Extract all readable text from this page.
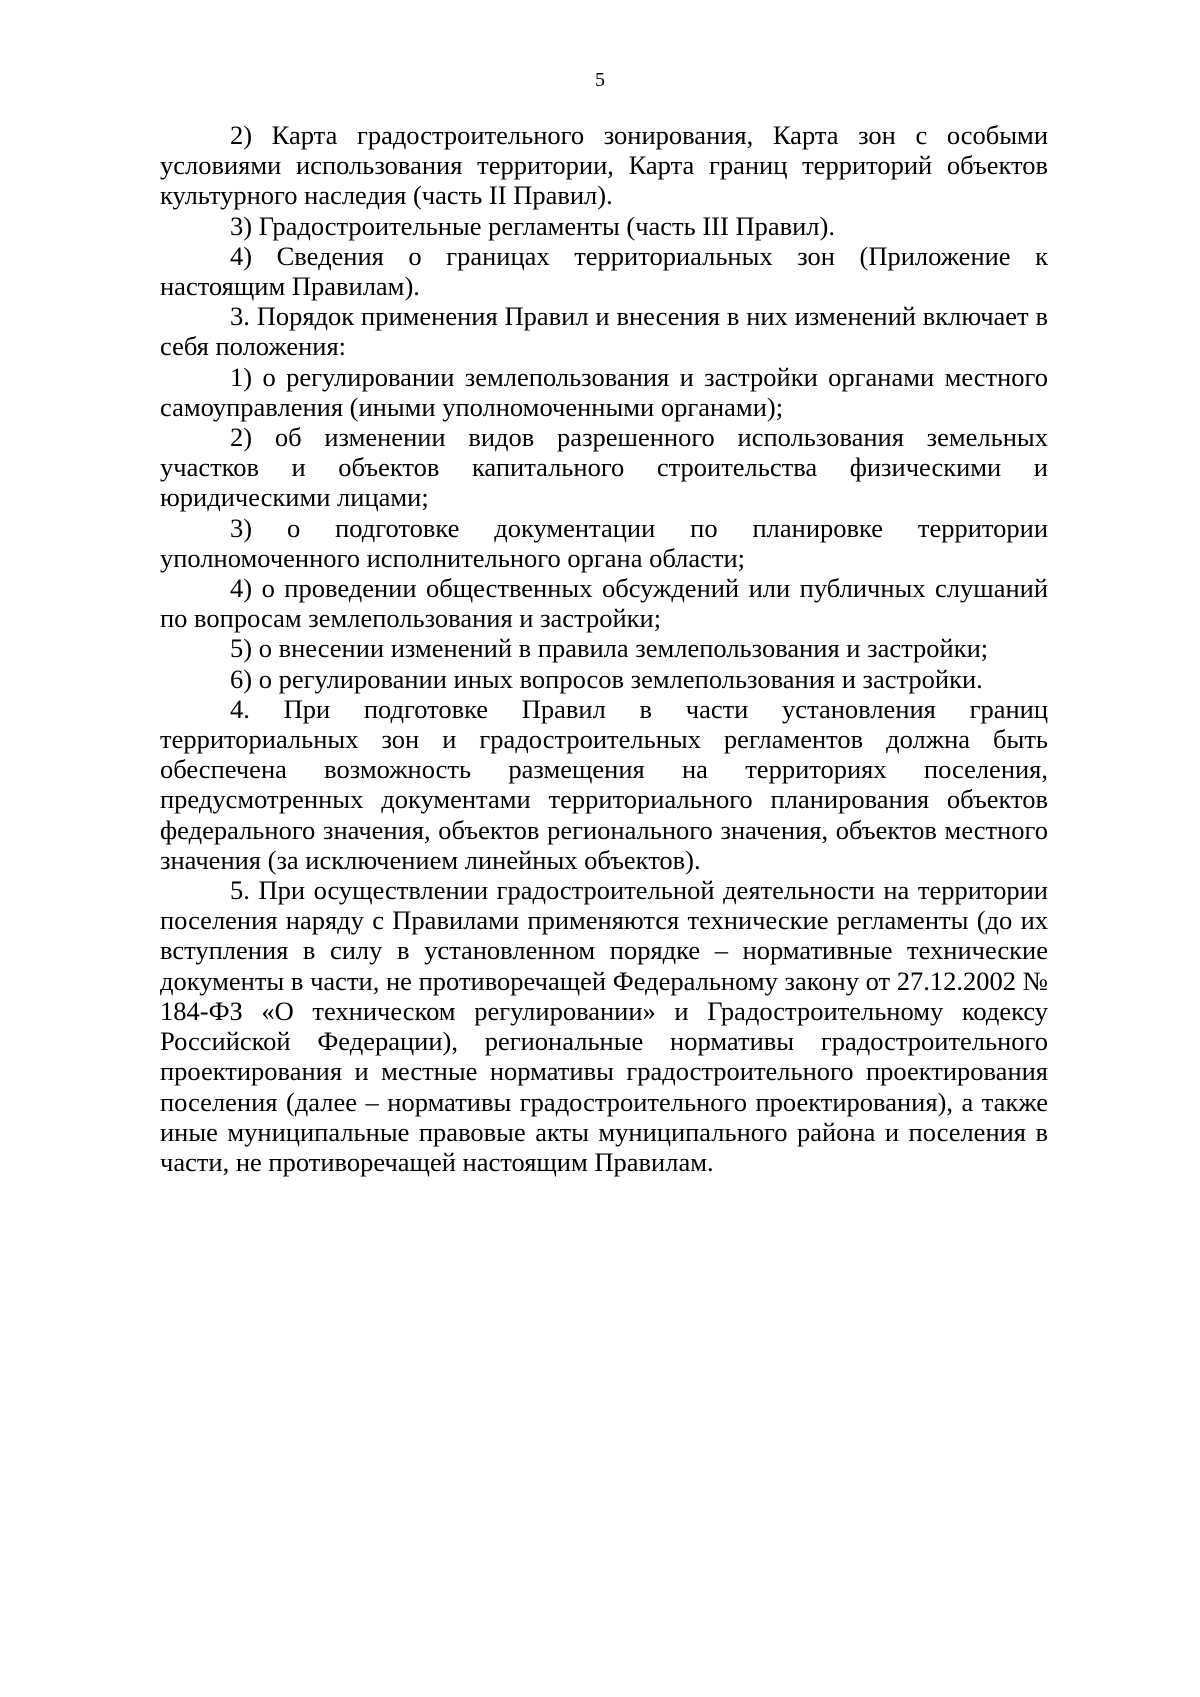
5

2) Карта градостроительного зонирования, Карта зон с особыми условиями использования территории, Карта границ территорий объектов культурного наследия (часть II Правил).

3) Градостроительные регламенты (часть III Правил).

4) Сведения о границах территориальных зон (Приложение к настоящим Правилам).

3. Порядок применения Правил и внесения в них изменений включает в себя положения:

1) о регулировании землепользования и застройки органами местного самоуправления (иными уполномоченными органами);

2) об изменении видов разрешенного использования земельных участков и объектов капитального строительства физическими и юридическими лицами;

3) о подготовке документации по планировке территории уполномоченного исполнительного органа области;

4) о проведении общественных обсуждений или публичных слушаний по вопросам землепользования и застройки;

5) о внесении изменений в правила землепользования и застройки;

6) о регулировании иных вопросов землепользования и застройки.

4. При подготовке Правил в части установления границ территориальных зон и градостроительных регламентов должна быть обеспечена возможность размещения на территориях поселения, предусмотренных документами территориального планирования объектов федерального значения, объектов регионального значения, объектов местного значения (за исключением линейных объектов).

5. При осуществлении градостроительной деятельности на территории поселения наряду с Правилами применяются технические регламенты (до их вступления в силу в установленном порядке – нормативные технические документы в части, не противоречащей Федеральному закону от 27.12.2002 № 184-ФЗ «О техническом регулировании» и Градостроительному кодексу Российской Федерации), региональные нормативы градостроительного проектирования и местные нормативы градостроительного проектирования поселения (далее – нормативы градостроительного проектирования), а также иные муниципальные правовые акты муниципального района и поселения в части, не противоречащей настоящим Правилам.
